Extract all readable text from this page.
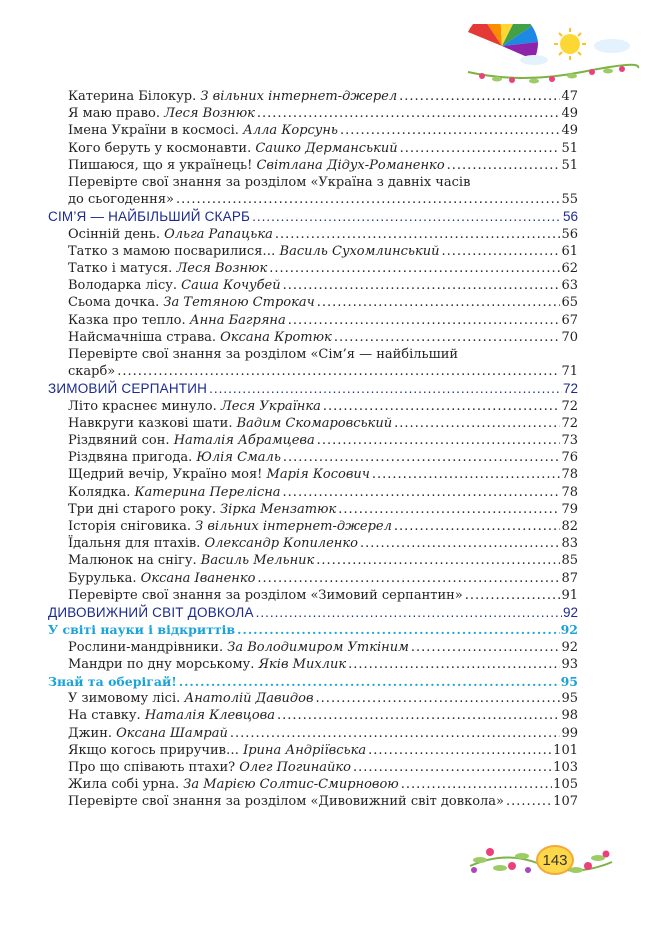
Катерина Білокур. З вільних інтернет-джерел .....	47
Я маю право. Леся Вознюк .....	49
Імена України в космосі. Алла Корсунь .....	49
Кого беруть у космонавти. Сашко Дерманський .....	51
Пишаюся, що я українець! Світлана Дідух-Романенко .....	51
Перевірте свої знання за розділом «Україна з давніх часів
до сьогодення» .....	55
СІМ’Я — НАЙБІЛЬШИЙ СКАРБ .....	56
Осінній день. Ольга Рапацька .....	56
Татко з мамою посварилися… Василь Сухомлинський .....	61
Татко і матуся. Леся Вознюк .....	62
Володарка лісу. Саша Кочубей .....	63
Сьома дочка. За Тетяною Строкач .....	65
Казка про тепло. Анна Багряна .....	67
Найсмачніша страва. Оксана Кротюк .....	70
Перевірте свої знання за розділом «Сім’я — найбільший
скарб» .....	71
ЗИМОВИЙ СЕРПАНТИН .....	72
Літо краснеє минуло. Леся Українка .....	72
Навкруги казкові шати. Вадим Скомаровський .....	72
Різдвяний сон. Наталія Абрамцева .....	73
Різдвяна пригода. Юлія Смаль .....	76
Щедрий вечір, Україно моя! Марія Косович .....	78
Колядка. Катерина Перелісна .....	78
Три дні старого року. Зірка Мензатюк .....	79
Історія сніговика. З вільних інтернет-джерел .....	82
Їдальня для птахів. Олександр Копиленко .....	83
Малюнок на снігу. Василь Мельник .....	85
Бурулька. Оксана Іваненко .....	87
Перевірте свої знання за розділом «Зимовий серпантин» .....	91
ДИВОВИЖНИЙ СВІТ ДОВКОЛА .....	92
У світі науки і відкриттів .....	92
Рослини-мандрівники. За Володимиром Уткіним .....	92
Мандри по дну морському. Яків Михлик .....	93
Знай та оберігай! .....	95
У зимовому лісі. Анатолій Давидов .....	95
На ставку. Наталія Клевцова .....	98
Джин. Оксана Шамрай .....	99
Якщо когось приручив… Ірина Андріївська .....	101
Про що співають птахи? Олег Погинайко .....	103
Жила собі урна. За Марією Солтис-Смирновою .....	105
Перевірте свої знання за розділом «Дивовижний світ довкола» .....	107
143
